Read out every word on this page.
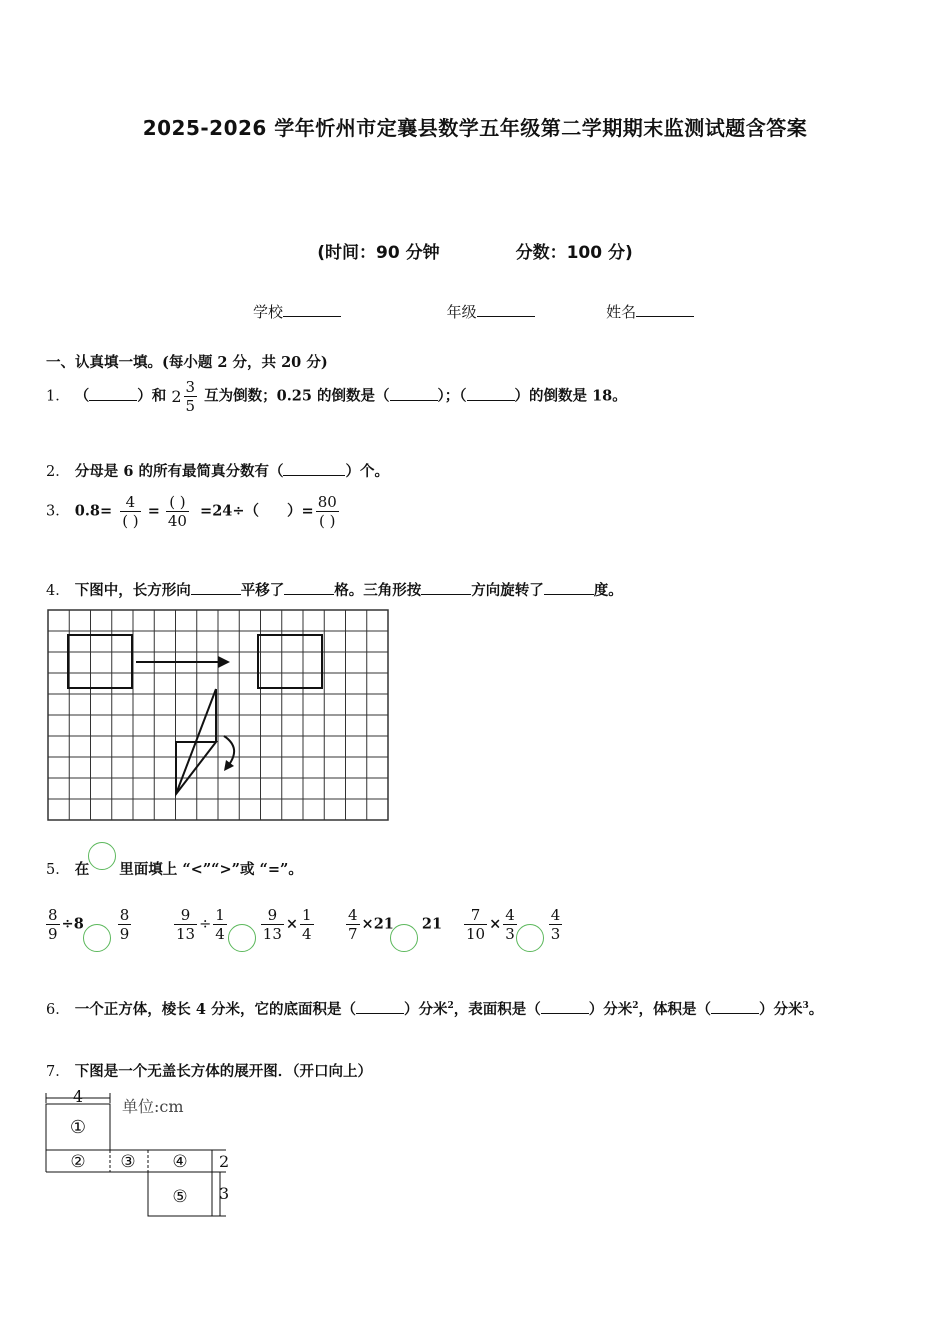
2025-2026 学年忻州市定襄县数学五年级第二学期期末监测试题含答案
(时间：90 分钟	分数：100 分)
学校	年级	姓名
一、认真填一填。(每小题 2 分，共 20 分)
1． （	）和 $2 \frac{3}{5}$ 互为倒数；0.25 的倒数是（	）；（	）的倒数是 18。
2． 分母是 6 的所有最简真分数有（	）个。
3． $0.8= \frac{4}{( )} = \frac{( )}{40} =24\div$（ ）= $\frac{80}{( )}$
4． 下图中，长方形向	平移了	格。三角形按	方向旋转了	度。
5． 在 里面填上 “<”“>”或 “=”。
$\frac{8}{9} \div 8 \frac{8}{9}$	$\frac{9}{13} \div \frac{1}{4} \frac{9}{13} \times \frac{1}{4} \frac{4}{7} \times 21$ $21 \frac{7}{10} \times \frac{4}{3} \frac{4}{3}$
6． 一个正方体，棱长 4 分米，它的底面积是（	）分米$^2$，表面积是（	）分米$^2$，体积是（	）分米$^3$。
7． 下图是一个无盖长方体的展开图．（开口向上）
4
单位:cm
①
② ③ ④
⑤
2
3
